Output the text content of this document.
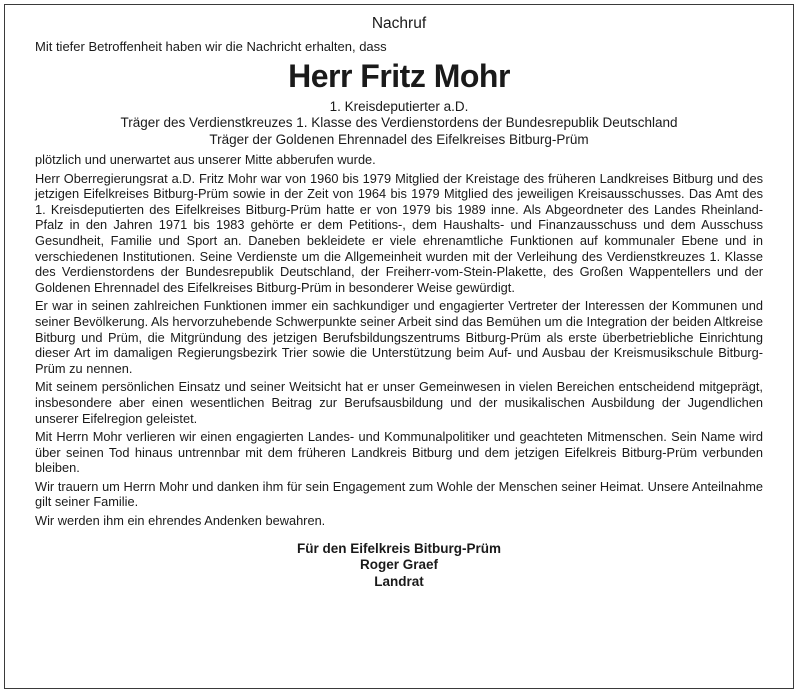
Nachruf

Mit tiefer Betroffenheit haben wir die Nachricht erhalten, dass

Herr Fritz Mohr
1. Kreisdeputierter a.D.
Träger des Verdienstkreuzes 1. Klasse des Verdienstordens der Bundesrepublik Deutschland
Träger der Goldenen Ehrennadel des Eifelkreises Bitburg-Prüm

plötzlich und unerwartet aus unserer Mitte abberufen wurde.

Herr Oberregierungsrat a.D. Fritz Mohr war von 1960 bis 1979 Mitglied der Kreistage des früheren Landkreises Bitburg und des jetzigen Eifelkreises Bitburg-Prüm sowie in der Zeit von 1964 bis 1979 Mitglied des jeweiligen Kreisausschusses. Das Amt des 1. Kreisdeputierten des Eifelkreises Bitburg-Prüm hatte er von 1979 bis 1989 inne. Als Abgeordneter des Landes Rheinland-Pfalz in den Jahren 1971 bis 1983 gehörte er dem Petitions-, dem Haushalts- und Finanzausschuss und dem Ausschuss Gesundheit, Familie und Sport an. Daneben bekleidete er viele ehrenamtliche Funktionen auf kommunaler Ebene und in verschiedenen Institutionen. Seine Verdienste um die Allgemeinheit wurden mit der Verleihung des Verdienstkreuzes 1. Klasse des Verdienstordens der Bundesrepublik Deutschland, der Freiherr-vom-Stein-Plakette, des Großen Wappentellers und der Goldenen Ehrennadel des Eifelkreises Bitburg-Prüm in besonderer Weise gewürdigt.

Er war in seinen zahlreichen Funktionen immer ein sachkundiger und engagierter Vertreter der Interessen der Kommunen und seiner Bevölkerung. Als hervorzuhebende Schwerpunkte seiner Arbeit sind das Bemühen um die Integration der beiden Altkreise Bitburg und Prüm, die Mitgründung des jetzigen Berufsbildungszentrums Bitburg-Prüm als erste überbetriebliche Einrichtung dieser Art im damaligen Regierungsbezirk Trier sowie die Unterstützung beim Auf- und Ausbau der Kreismusikschule Bitburg-Prüm zu nennen.

Mit seinem persönlichen Einsatz und seiner Weitsicht hat er unser Gemeinwesen in vielen Bereichen entscheidend mitgeprägt, insbesondere aber einen wesentlichen Beitrag zur Berufsausbildung und der musikalischen Ausbildung der Jugendlichen unserer Eifelregion geleistet.

Mit Herrn Mohr verlieren wir einen engagierten Landes- und Kommunalpolitiker und geachteten Mitmenschen. Sein Name wird über seinen Tod hinaus untrennbar mit dem früheren Landkreis Bitburg und dem jetzigen Eifelkreis Bitburg-Prüm verbunden bleiben.

Wir trauern um Herrn Mohr und danken ihm für sein Engagement zum Wohle der Menschen seiner Heimat. Unsere Anteilnahme gilt seiner Familie.

Wir werden ihm ein ehrendes Andenken bewahren.

Für den Eifelkreis Bitburg-Prüm
Roger Graef
Landrat
